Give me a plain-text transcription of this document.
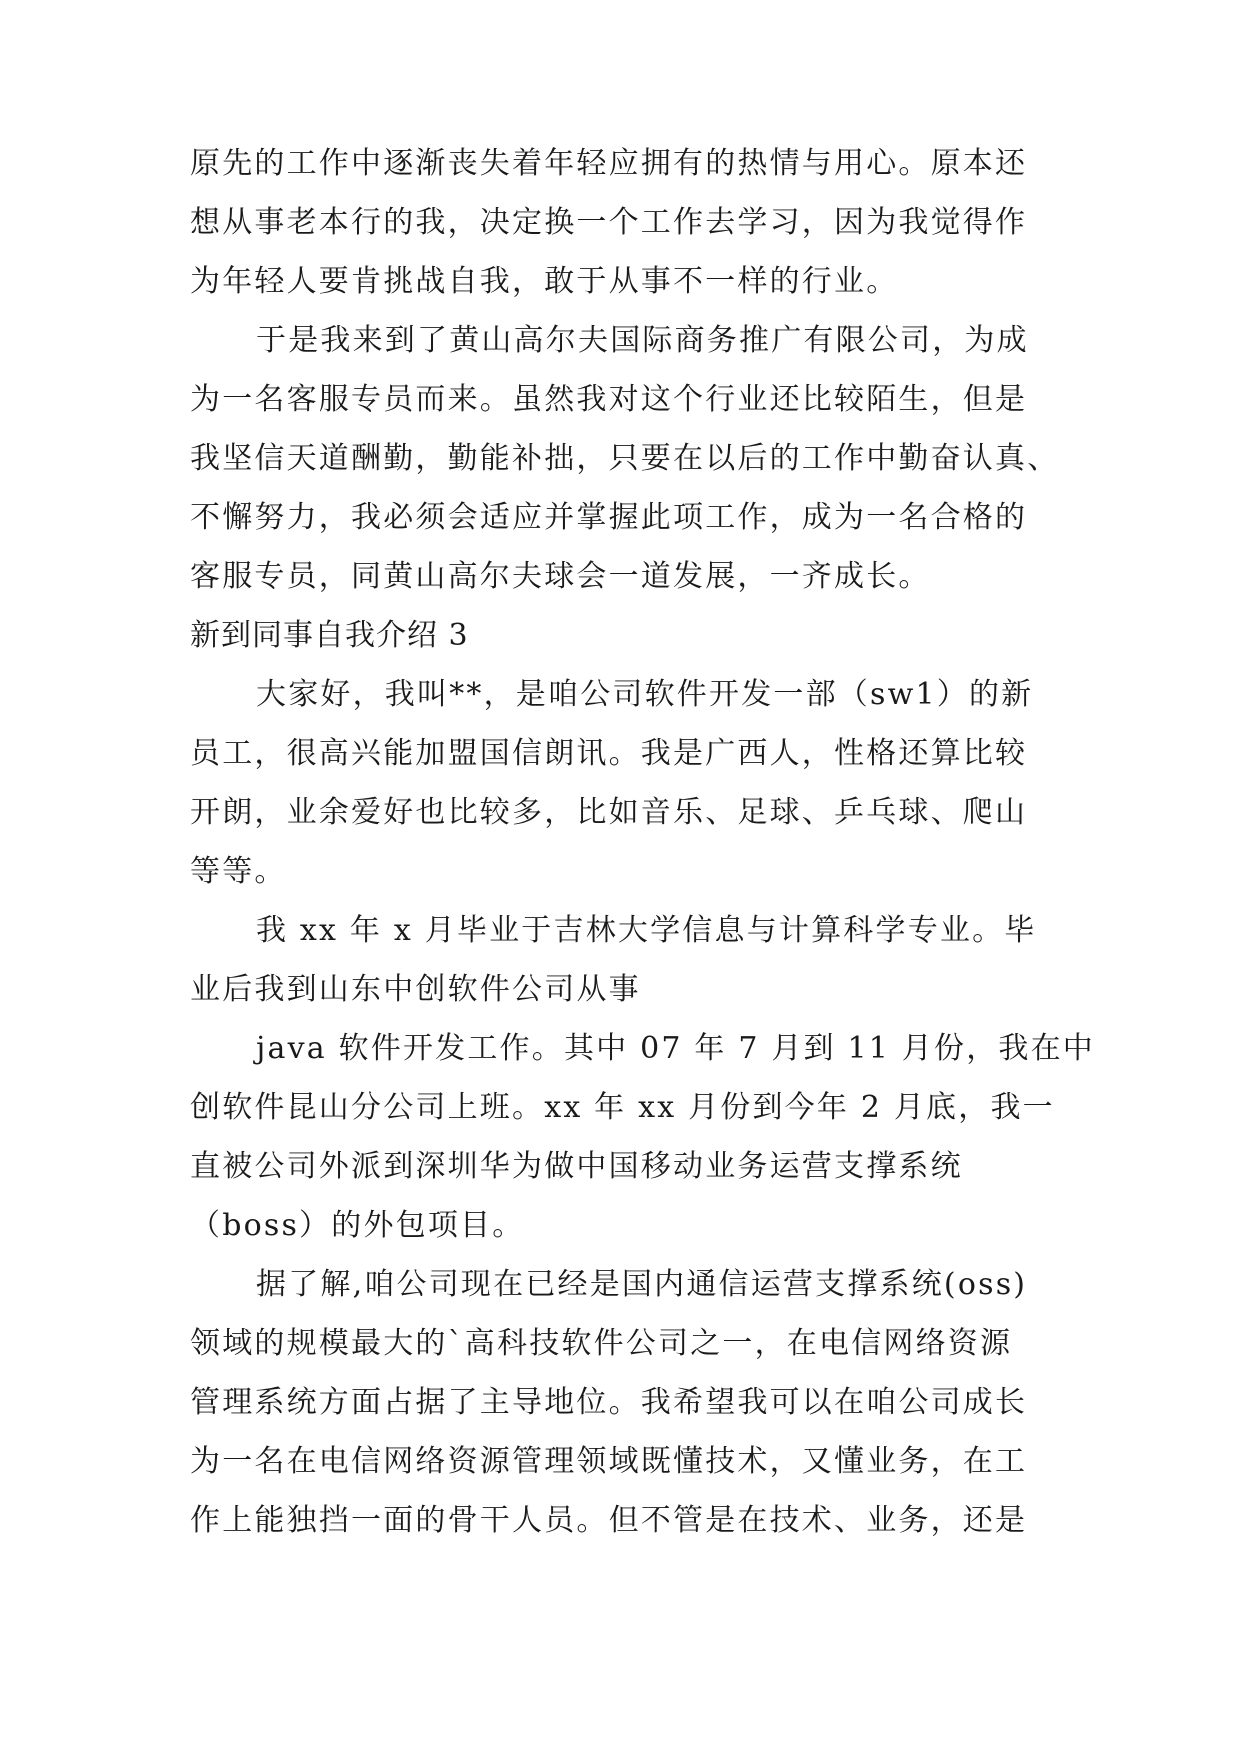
原先的工作中逐渐丧失着年轻应拥有的热情与用心。原本还
想从事老本行的我，决定换一个工作去学习，因为我觉得作
为年轻人要肯挑战自我，敢于从事不一样的行业。
于是我来到了黄山高尔夫国际商务推广有限公司，为成
为一名客服专员而来。虽然我对这个行业还比较陌生，但是
我坚信天道酬勤，勤能补拙，只要在以后的工作中勤奋认真、
不懈努力，我必须会适应并掌握此项工作，成为一名合格的
客服专员，同黄山高尔夫球会一道发展，一齐成长。
新到同事自我介绍 3
大家好，我叫**，是咱公司软件开发一部（sw1）的新
员工，很高兴能加盟国信朗讯。我是广西人，性格还算比较
开朗，业余爱好也比较多，比如音乐、足球、乒乓球、爬山
等等。
我 xx 年 x 月毕业于吉林大学信息与计算科学专业。毕
业后我到山东中创软件公司从事
java 软件开发工作。其中 07 年 7 月到 11 月份，我在中
创软件昆山分公司上班。xx 年 xx 月份到今年 2 月底，我一
直被公司外派到深圳华为做中国移动业务运营支撑系统
（boss）的外包项目。
据了解,咱公司现在已经是国内通信运营支撑系统(oss)
领域的规模最大的`高科技软件公司之一，在电信网络资源
管理系统方面占据了主导地位。我希望我可以在咱公司成长
为一名在电信网络资源管理领域既懂技术，又懂业务，在工
作上能独挡一面的骨干人员。但不管是在技术、业务，还是
